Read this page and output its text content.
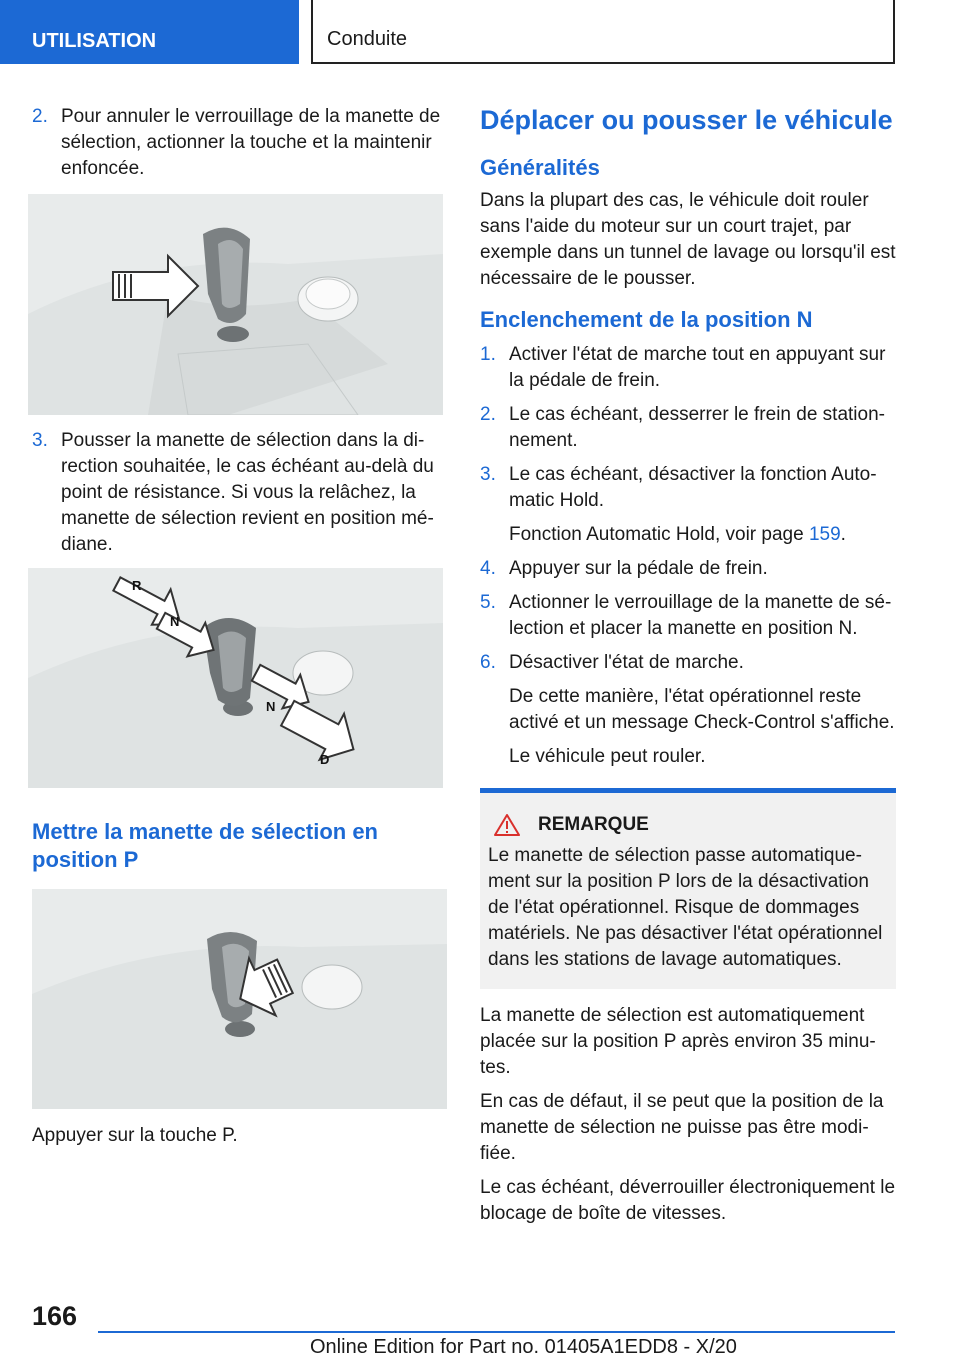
UTILISATION	Conduite
2. Pour annuler le verrouillage de la manette de sélection, actionner la touche et la maintenir enfoncée.
3. Pousser la manette de sélection dans la direction souhaitée, le cas échéant au-delà du point de résistance. Si vous la relâchez, la manette de sélection revient en position médiane.
R
N
N
D
Mettre la manette de sélection en position P

Appuyer sur la touche P.

Déplacer ou pousser le véhicule
Généralités

Dans la plupart des cas, le véhicule doit rouler sans l'aide du moteur sur un court trajet, par exemple dans un tunnel de lavage ou lorsqu'il est nécessaire de le pousser.

Enclenchement de la position N
1. Activer l'état de marche tout en appuyant sur la pédale de frein.
2. Le cas échéant, desserrer le frein de stationnement.
3. Le cas échéant, désactiver la fonction Automatic Hold.
Fonction Automatic Hold, voir page 159.
4. Appuyer sur la pédale de frein.
5. Actionner le verrouillage de la manette de sélection et placer la manette en position N.
6. Désactiver l'état de marche.
De cette manière, l'état opérationnel reste activé et un message Check-Control s'affiche.
Le véhicule peut rouler.
REMARQUE
Le manette de sélection passe automatiquement sur la position P lors de la désactivation de l'état opérationnel. Risque de dommages matériels. Ne pas désactiver l'état opérationnel dans les stations de lavage automatiques.

La manette de sélection est automatiquement placée sur la position P après environ 35 minutes.

En cas de défaut, il se peut que la position de la manette de sélection ne puisse pas être modifiée.

Le cas échéant, déverrouiller électroniquement le blocage de boîte de vitesses.

166
Online Edition for Part no. 01405A1EDD8 - X/20
